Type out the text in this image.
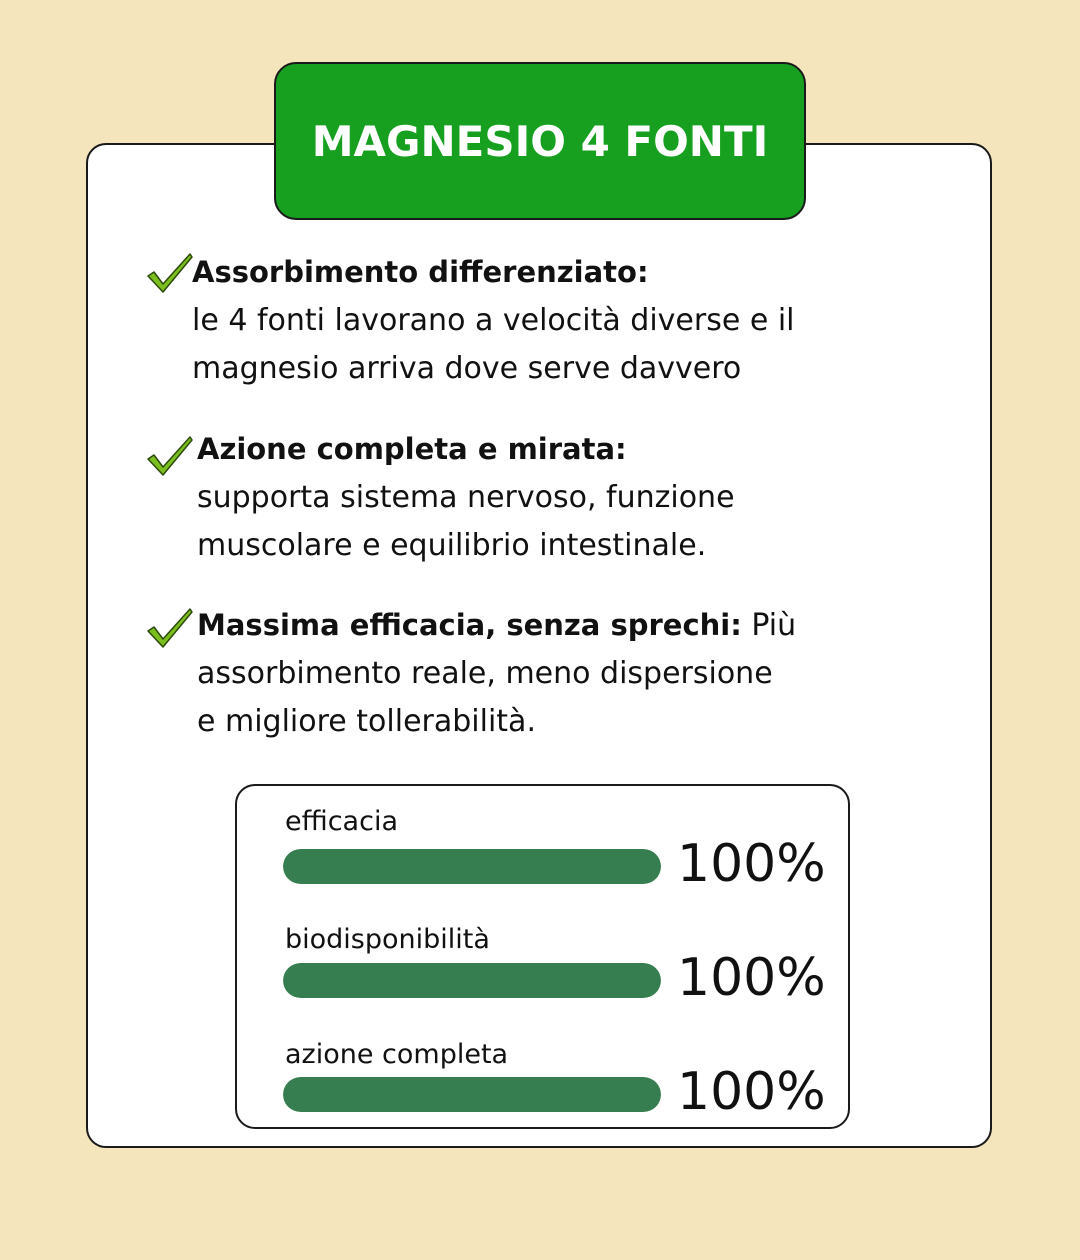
MAGNESIO 4 FONTI
Assorbimento differenziato:
le 4 fonti lavorano a velocità diverse e il
magnesio arriva dove serve davvero
Azione completa e mirata:
supporta sistema nervoso, funzione
muscolare e equilibrio intestinale.
Massima efficacia, senza sprechi: Più
assorbimento reale, meno dispersione
e migliore tollerabilità.
efficacia
100%
biodisponibilità
100%
azione completa
100%
